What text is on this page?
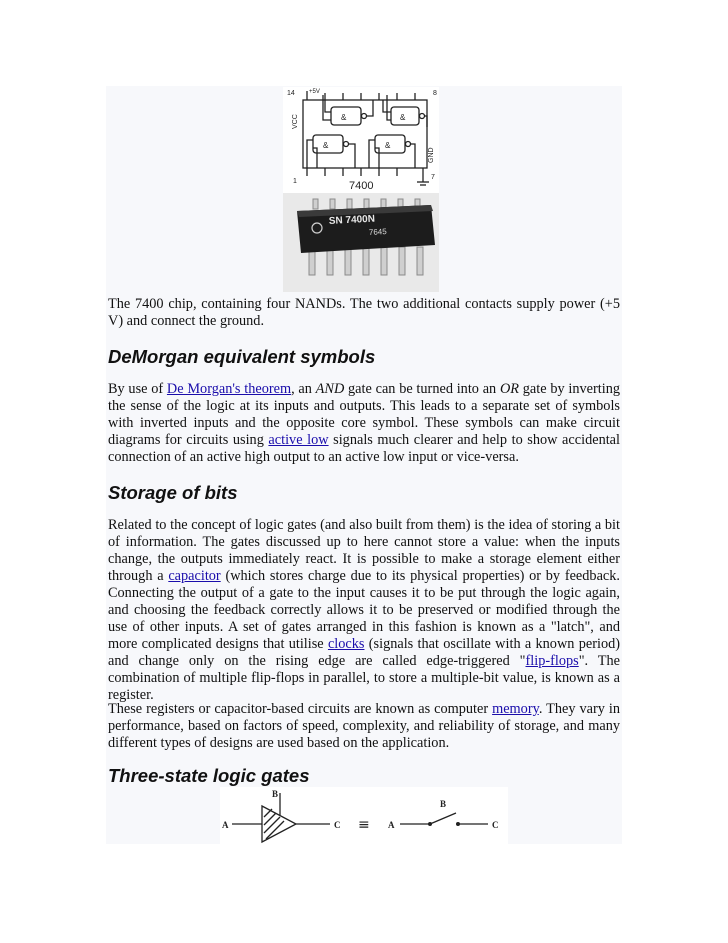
14 +5V
VCC
8
1
7
GND
&	&
&	&
7400
SN 7400N
7645

The 7400 chip, containing four NANDs. The two additional contacts supply power (+5 V) and connect the ground.

DeMorgan equivalent symbols

By use of De Morgan's theorem, an AND gate can be turned into an OR gate by inverting the sense of the logic at its inputs and outputs. This leads to a separate set of symbols with inverted inputs and the opposite core symbol. These symbols can make circuit diagrams for circuits using active low signals much clearer and help to show accidental connection of an active high output to an active low input or vice-versa.

Storage of bits

Related to the concept of logic gates (and also built from them) is the idea of storing a bit of information. The gates discussed up to here cannot store a value: when the inputs change, the outputs immediately react. It is possible to make a storage element either through a capacitor (which stores charge due to its physical properties) or by feedback. Connecting the output of a gate to the input causes it to be put through the logic again, and choosing the feedback correctly allows it to be preserved or modified through the use of other inputs. A set of gates arranged in this fashion is known as a "latch", and more complicated designs that utilise clocks (signals that oscillate with a known period) and change only on the rising edge are called edge-triggered "flip-flops". The combination of multiple flip-flops in parallel, to store a multiple-bit value, is known as a register.

These registers or capacitor-based circuits are known as computer memory. They vary in performance, based on factors of speed, complexity, and reliability of storage, and many different types of designs are used based on the application.

Three-state logic gates
A
B
C ≡ A
B
C
